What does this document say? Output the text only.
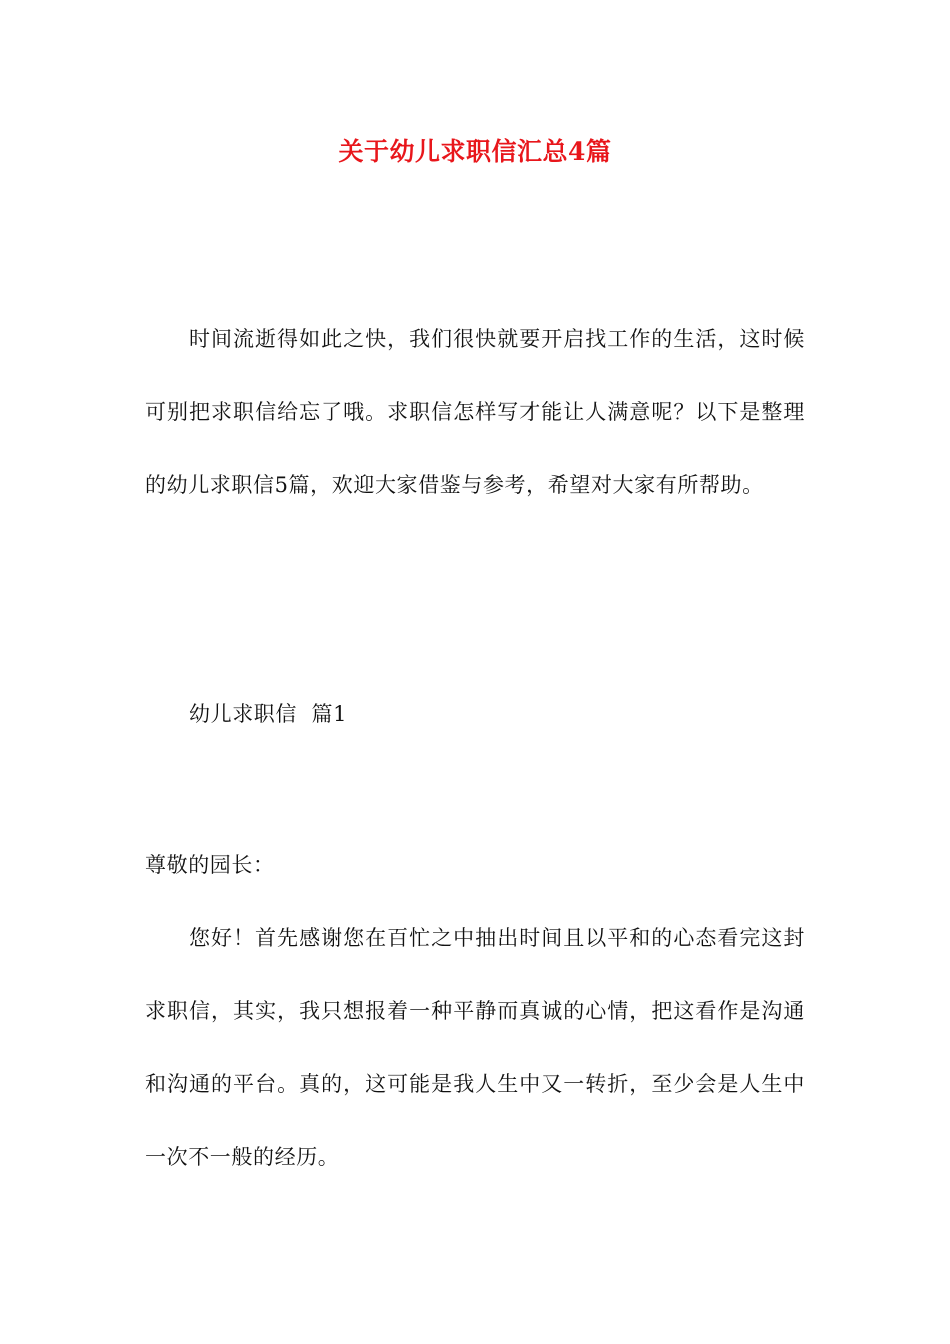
关于幼儿求职信汇总4篇
时间流逝得如此之快，我们很快就要开启找工作的生活，这时候可别把求职信给忘了哦。求职信怎样写才能让人满意呢？以下是整理的幼儿求职信5篇，欢迎大家借鉴与参考，希望对大家有所帮助。
幼儿求职信  篇1
尊敬的园长：
您好！首先感谢您在百忙之中抽出时间且以平和的心态看完这封求职信，其实，我只想报着一种平静而真诚的心情，把这看作是沟通和沟通的平台。真的，这可能是我人生中又一转折，至少会是人生中一次不一般的经历。
